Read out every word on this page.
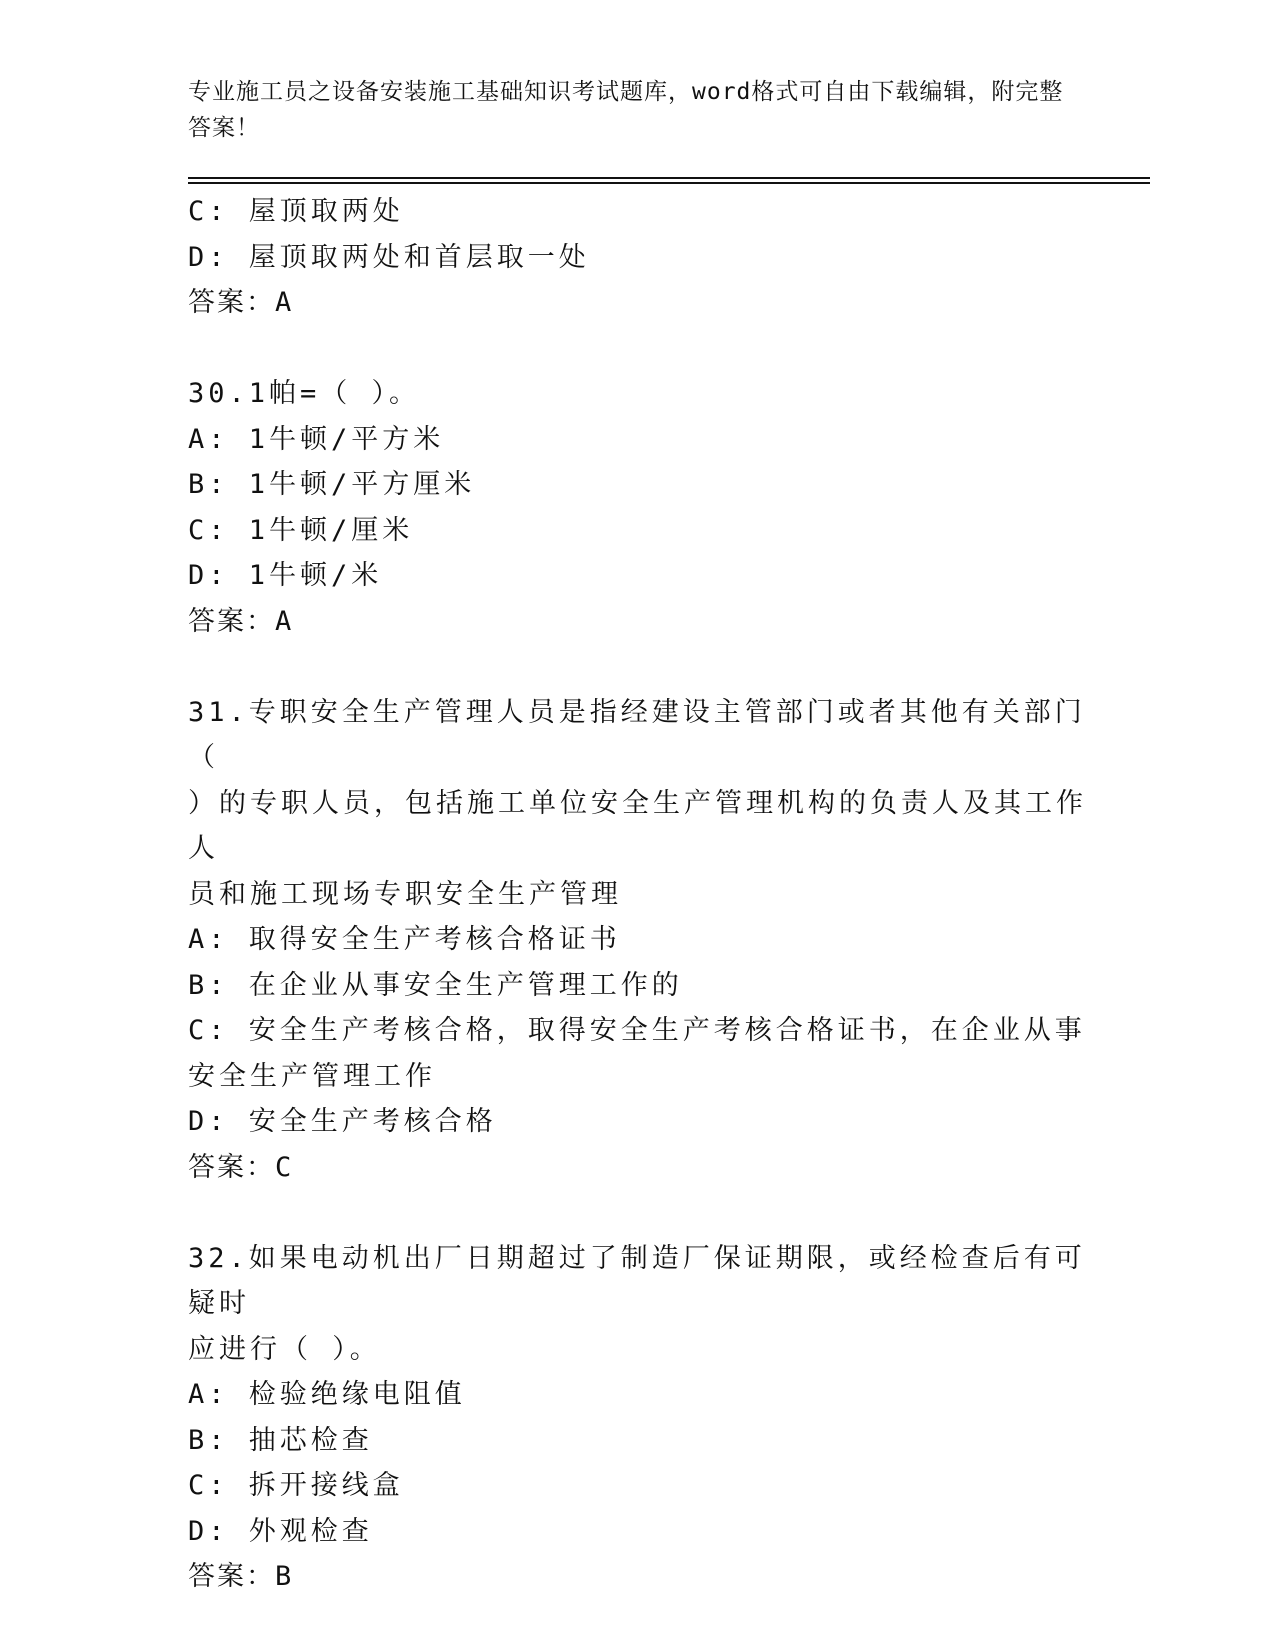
专业施工员之设备安装施工基础知识考试题库，word格式可自由下载编辑，附完整答案！
C: 屋顶取两处
D: 屋顶取两处和首层取一处
答案：A
30.1帕=（ ）。
A: 1牛顿/平方米
B: 1牛顿/平方厘米
C: 1牛顿/厘米
D: 1牛顿/米
答案：A
31.专职安全生产管理人员是指经建设主管部门或者其他有关部门（
）的专职人员，包括施工单位安全生产管理机构的负责人及其工作人
员和施工现场专职安全生产管理
A: 取得安全生产考核合格证书
B: 在企业从事安全生产管理工作的
C: 安全生产考核合格，取得安全生产考核合格证书，在企业从事安全生产管理工作
D: 安全生产考核合格
答案：C
32.如果电动机出厂日期超过了制造厂保证期限，或经检查后有可疑时
应进行（ ）。
A: 检验绝缘电阻值
B: 抽芯检查
C: 拆开接线盒
D: 外观检查
答案：B
